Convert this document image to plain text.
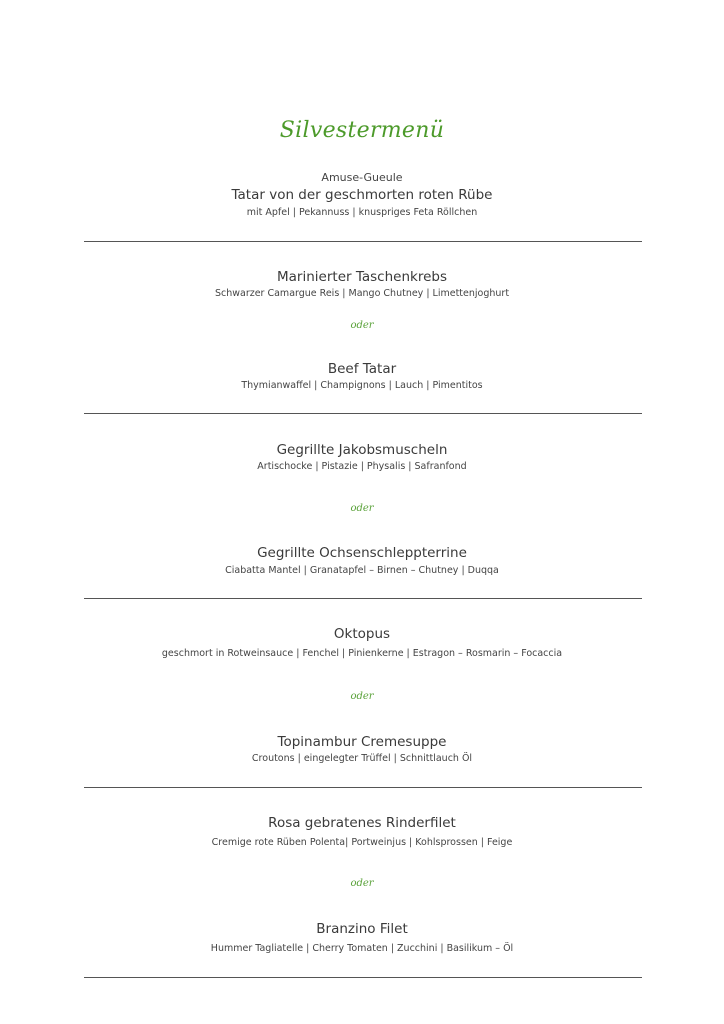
Silvestermenü
Amuse-Gueule
Tatar von der geschmorten roten Rübe
mit Apfel | Pekannuss | knuspriges Feta Röllchen
Marinierter Taschenkrebs
Schwarzer Camargue Reis | Mango Chutney | Limettenjoghurt
oder
Beef Tatar
Thymianwaffel | Champignons | Lauch | Pimentitos
Gegrillte Jakobsmuscheln
Artischocke | Pistazie | Physalis | Safranfond
oder
Gegrillte Ochsenschleppterrine
Ciabatta Mantel | Granatapfel – Birnen – Chutney | Duqqa
Oktopus
geschmort in Rotweinsauce | Fenchel | Pinienkerne | Estragon – Rosmarin – Focaccia
oder
Topinambur Cremesuppe
Croutons | eingelegter Trüffel | Schnittlauch Öl
Rosa gebratenes Rinderfilet
Cremige rote Rüben Polenta| Portweinjus | Kohlsprossen | Feige
oder
Branzino Filet
Hummer Tagliatelle | Cherry Tomaten | Zucchini | Basilikum – Öl
